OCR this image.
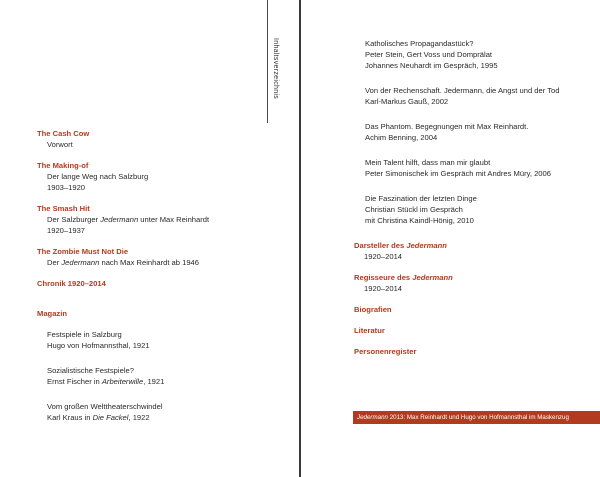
Inhaltsverzeichnis
The Cash Cow
Vorwort
The Making-of
Der lange Weg nach Salzburg
1903–1920
The Smash Hit
Der Salzburger Jedermann unter Max Reinhardt
1920–1937
The Zombie Must Not Die
Der Jedermann nach Max Reinhardt ab 1946
Chronik 1920–2014
Magazin
Festspiele in Salzburg
Hugo von Hofmannsthal, 1921
Sozialistische Festspiele?
Ernst Fischer in Arbeiterwille, 1921
Vom großen Welttheaterschwindel
Karl Kraus in Die Fackel, 1922
Katholisches Propagandastück?
Peter Stein, Gert Voss und Domprälat
Johannes Neuhardt im Gespräch, 1995
Von der Rechenschaft. Jedermann, die Angst und der Tod
Karl-Markus Gauß, 2002
Das Phantom. Begegnungen mit Max Reinhardt.
Achim Benning, 2004
Mein Talent hilft, dass man mir glaubt
Peter Simonischek im Gespräch mit Andres Müry, 2006
Die Faszination der letzten Dinge
Christian Stückl im Gespräch
mit Christina Kaindl-Hönig, 2010
Darsteller des Jedermann
1920–2014
Regisseure des Jedermann
1920–2014
Biografien
Literatur
Personenregister
Jedermann 2013: Max Reinhardt und Hugo von Hofmannsthal im Maskenzug
